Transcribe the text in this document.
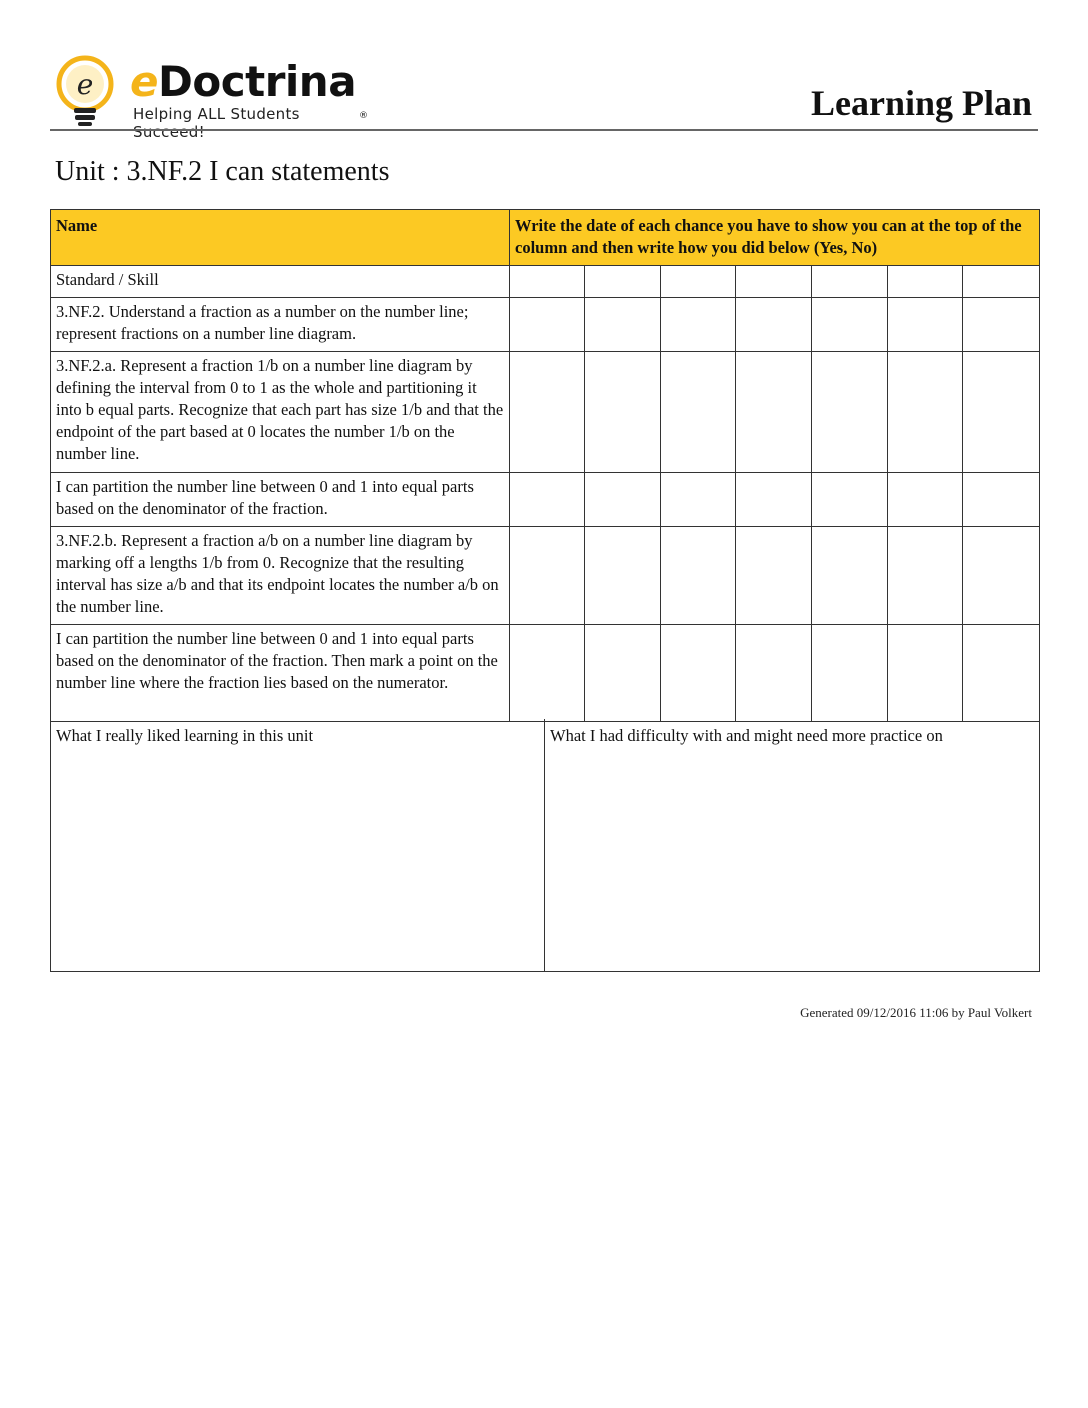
e eDoctrina®
Helping ALL Students Succeed!
Learning Plan
Unit : 3.NF.2 I can statements
Name	Write the date of each chance you have to show you can at the top of the column and then write how you did below (Yes, No)						
Standard / Skill							
3.NF.2. Understand a fraction as a number on the number line; represent fractions on a number line diagram.							
3.NF.2.a. Represent a fraction 1/b on a number line diagram by defining the interval from 0 to 1 as the whole and partitioning it into b equal parts. Recognize that each part has size 1/b and that the endpoint of the part based at 0 locates the number 1/b on the number line.							
I can partition the number line between 0 and 1 into equal parts based on the denominator of the fraction.							
3.NF.2.b. Represent a fraction a/b on a number line diagram by marking off a lengths 1/b from 0. Recognize that the resulting interval has size a/b and that its endpoint locates the number a/b on the number line.							
I can partition the number line between 0 and 1 into equal parts based on the denominator of the fraction. Then mark a point on the number line where the fraction lies based on the numerator.							
What I really liked learning in this unit	What I had difficulty with and might need more practice on
Generated 09/12/2016 11:06 by Paul Volkert
